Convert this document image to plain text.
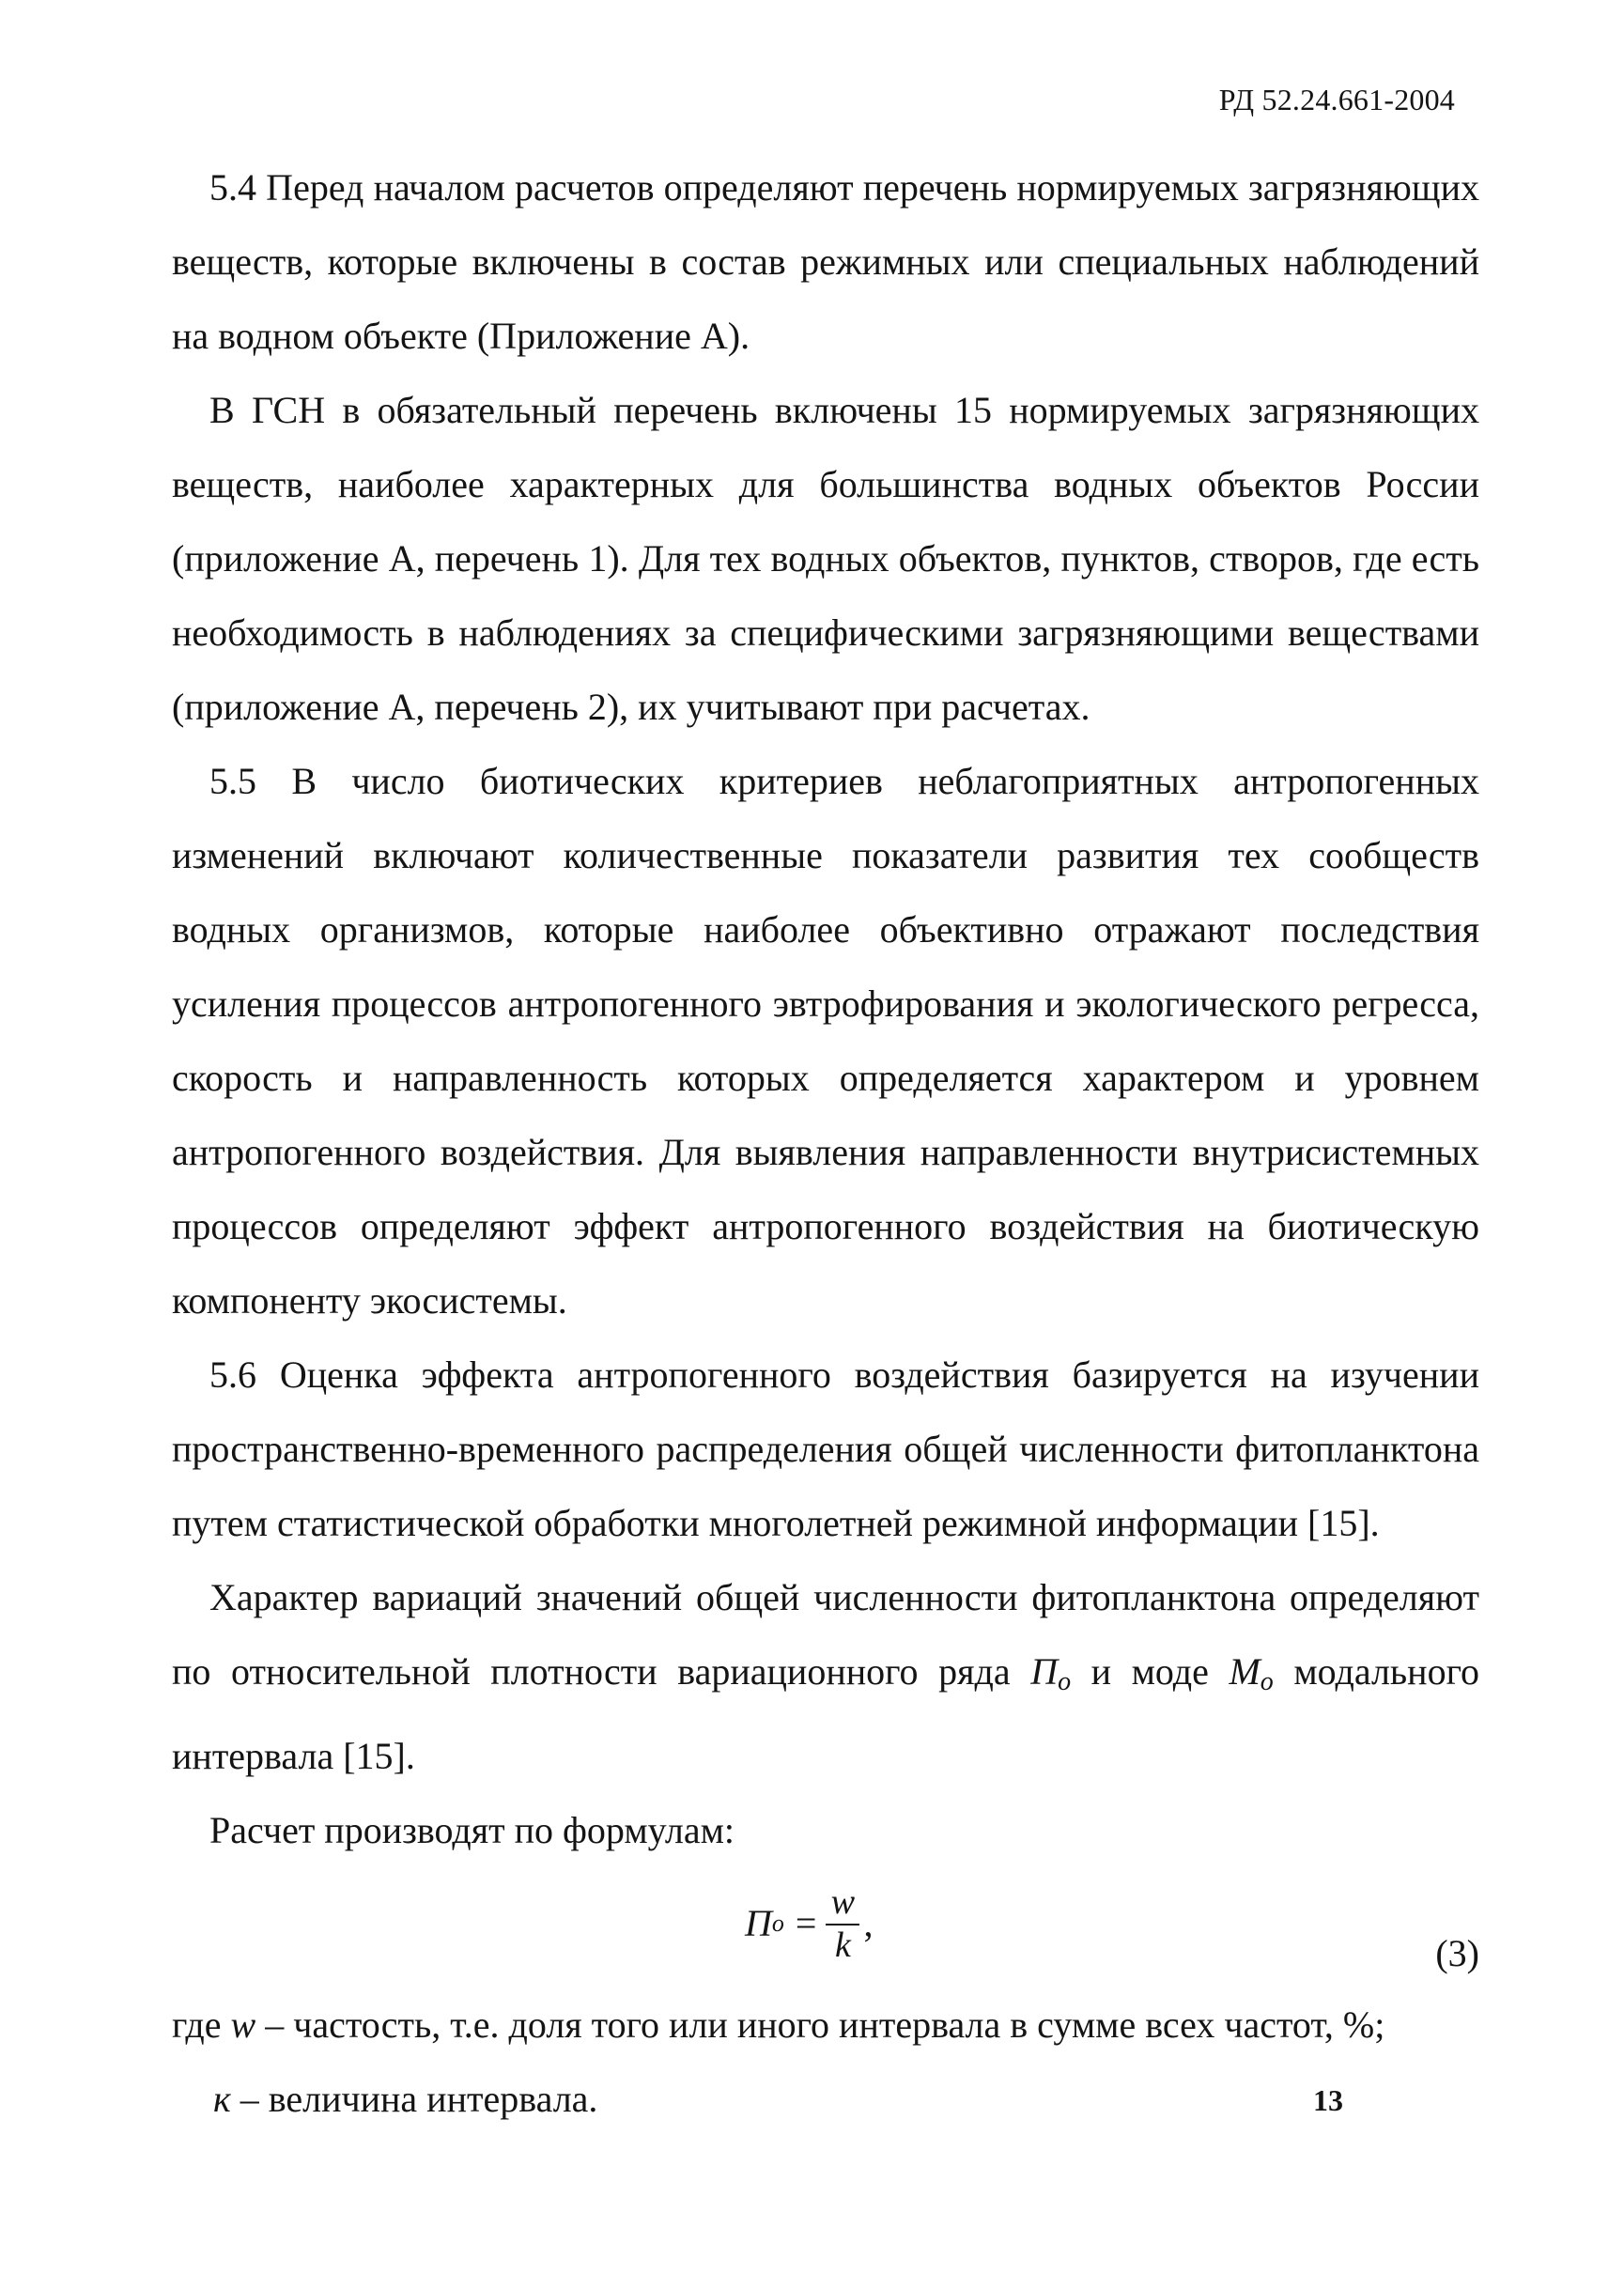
РД 52.24.661-2004

5.4 Перед началом расчетов определяют перечень нормируемых загрязняющих веществ, которые включены в состав режимных или специальных наблюдений на водном объекте (Приложение А).

В ГСН в обязательный перечень включены 15 нормируемых загрязняющих веществ, наиболее характерных для большинства водных объектов России (приложение А, перечень 1). Для тех водных объектов, пунктов, створов, где есть необходимость в наблюдениях за специфическими загрязняющими веществами (приложение А, перечень 2), их учитывают при расчетах.

5.5 В число биотических критериев неблагоприятных антропогенных изменений включают количественные показатели развития тех сообществ водных организмов, которые наиболее объективно отражают последствия усиления процессов антропогенного эвтрофирования и экологического регресса, скорость и направленность которых определяется характером и уровнем антропогенного воздействия. Для выявления направленности внутрисистемных процессов определяют эффект антропогенного воздействия на биотическую компоненту экосистемы.

5.6 Оценка эффекта антропогенного воздействия базируется на изучении пространственно-временного распределения общей численности фитопланктона путем статистической обработки многолетней режимной информации [15].

Характер вариаций значений общей численности фитопланктона определяют по относительной плотности вариационного ряда $П_о$ и моде $М_о$ модального интервала [15].

Расчет производят по формулам:

П $о = \frac{w}{k}$ ,
(3)

где w – частость, т.е. доля того или иного интервала в сумме всех частот, %;

к – величина интервала.	13
